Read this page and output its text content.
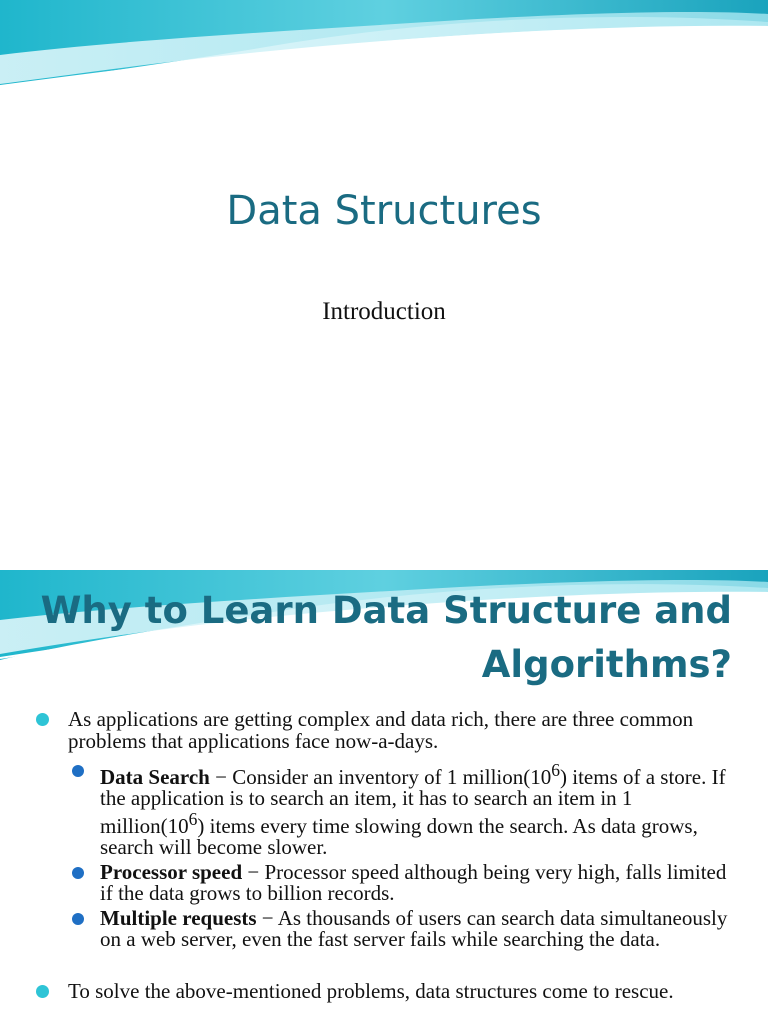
Data Structures
Introduction
Why to Learn Data Structure and
Algorithms?
As applications are getting complex and data rich, there are three common problems that applications face now-a-days.
Data Search − Consider an inventory of 1 $million(10^6)$ items of a store. If the application is to search an item, it has to search an item in 1 $million(10^6)$ items every time slowing down the search. As data grows, search will become slower.
Processor speed − Processor speed although being very high, falls limited if the data grows to billion records.
Multiple requests − As thousands of users can search data simultaneously on a web server, even the fast server fails while searching the data.
To solve the above-mentioned problems, data structures come to rescue.
